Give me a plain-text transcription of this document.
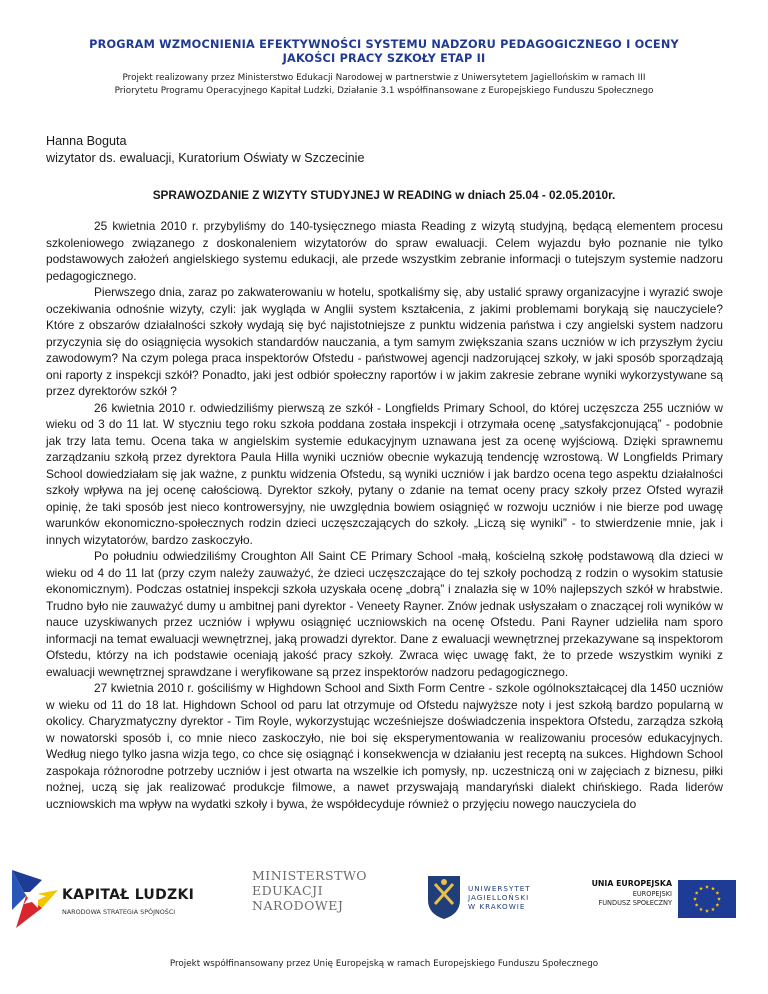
PROGRAM WZMOCNIENIA EFEKTYWNOŚCI SYSTEMU NADZORU PEDAGOGICZNEGO I OCENY
JAKOŚCI PRACY SZKOŁY ETAP II
Projekt realizowany przez Ministerstwo Edukacji Narodowej w partnerstwie z Uniwersytetem Jagiellońskim w ramach III
Priorytetu Programu Operacyjnego Kapitał Ludzki, Działanie 3.1 współfinansowane z Europejskiego Funduszu Społecznego
Hanna Boguta
wizytator ds. ewaluacji, Kuratorium Oświaty w Szczecinie
SPRAWOZDANIE Z WIZYTY STUDYJNEJ W READING w dniach 25.04 - 02.05.2010r.

25 kwietnia 2010 r. przybyliśmy do 140-tysięcznego miasta Reading z wizytą studyjną, będącą elementem procesu szkoleniowego związanego z doskonaleniem wizytatorów do spraw ewaluacji. Celem wyjazdu było poznanie nie tylko podstawowych założeń angielskiego systemu edukacji, ale przede wszystkim zebranie informacji o tutejszym systemie nadzoru pedagogicznego.

Pierwszego dnia, zaraz po zakwaterowaniu w hotelu, spotkaliśmy się, aby ustalić sprawy organizacyjne i wyrazić swoje oczekiwania odnośnie wizyty, czyli: jak wygląda w Anglii system kształcenia, z jakimi problemami borykają się nauczyciele? Które z obszarów działalności szkoły wydają się być najistotniejsze z punktu widzenia państwa i czy angielski system nadzoru przyczynia się do osiągnięcia wysokich standardów nauczania, a tym samym zwiększania szans uczniów w ich przyszłym życiu zawodowym? Na czym polega praca inspektorów Ofstedu - państwowej agencji nadzorującej szkoły, w jaki sposób sporządzają oni raporty z inspekcji szkół? Ponadto, jaki jest odbiór społeczny raportów i w jakim zakresie zebrane wyniki wykorzystywane są przez dyrektorów szkół ?

26 kwietnia 2010 r. odwiedziliśmy pierwszą ze szkół - Longfields Primary School, do której uczęszcza 255 uczniów w wieku od 3 do 11 lat. W styczniu tego roku szkoła poddana została inspekcji i otrzymała ocenę „satysfakcjonującą” - podobnie jak trzy lata temu. Ocena taka w angielskim systemie edukacyjnym uznawana jest za ocenę wyjściową. Dzięki sprawnemu zarządzaniu szkołą przez dyrektora Paula Hilla wyniki uczniów obecnie wykazują tendencję wzrostową. W Longfields Primary School dowiedziałam się jak ważne, z punktu widzenia Ofstedu, są wyniki uczniów i jak bardzo ocena tego aspektu działalności szkoły wpływa na jej ocenę całościową. Dyrektor szkoły, pytany o zdanie na temat oceny pracy szkoły przez Ofsted wyraził opinię, że taki sposób jest nieco kontrowersyjny, nie uwzględnia bowiem osiągnięć w rozwoju uczniów i nie bierze pod uwagę warunków ekonomiczno-społecznych rodzin dzieci uczęszczających do szkoły. „Liczą się wyniki” - to stwierdzenie mnie, jak i innych wizytatorów, bardzo zaskoczyło.

Po południu odwiedziliśmy Croughton All Saint CE Primary School -małą, kościelną szkołę podstawową dla dzieci w wieku od 4 do 11 lat (przy czym należy zauważyć, że dzieci uczęszczające do tej szkoły pochodzą z rodzin o wysokim statusie ekonomicznym). Podczas ostatniej inspekcji szkoła uzyskała ocenę „dobrą” i znalazła się w 10% najlepszych szkół w hrabstwie. Trudno było nie zauważyć dumy u ambitnej pani dyrektor - Veneety Rayner. Znów jednak usłyszałam o znaczącej roli wyników w nauce uzyskiwanych przez uczniów i wpływu osiągnięć uczniowskich na ocenę Ofstedu. Pani Rayner udzieliła nam sporo informacji na temat ewaluacji wewnętrznej, jaką prowadzi dyrektor. Dane z ewaluacji wewnętrznej przekazywane są inspektorom Ofstedu, którzy na ich podstawie oceniają jakość pracy szkoły. Zwraca więc uwagę fakt, że to przede wszystkim wyniki z ewaluacji wewnętrznej sprawdzane i weryfikowane są przez inspektorów nadzoru pedagogicznego.

27 kwietnia 2010 r. gościliśmy w Highdown School and Sixth Form Centre - szkole ogólnokształcącej dla 1450 uczniów w wieku od 11 do 18 lat. Highdown School od paru lat otrzymuje od Ofstedu najwyższe noty i jest szkołą bardzo popularną w okolicy. Charyzmatyczny dyrektor - Tim Royle, wykorzystując wcześniejsze doświadczenia inspektora Ofstedu, zarządza szkołą w nowatorski sposób i, co mnie nieco zaskoczyło, nie boi się eksperymentowania w realizowaniu procesów edukacyjnych. Według niego tylko jasna wizja tego, co chce się osiągnąć i konsekwencja w działaniu jest receptą na sukces. Highdown School zaspokaja różnorodne potrzeby uczniów i jest otwarta na wszelkie ich pomysły, np. uczestniczą oni w zajęciach z biznesu, piłki nożnej, uczą się jak realizować produkcje filmowe, a nawet przyswajają mandaryński dialekt chińskiego. Rada liderów uczniowskich ma wpływ na wydatki szkoły i bywa, że współdecyduje również o przyjęciu nowego nauczyciela do

KAPITAŁ LUDZKI
NARODOWA STRATEGIA SPÓJNOŚCI
MINISTERSTWO
EDUKACJI
NARODOWEJ
UNIWERSYTET
JAGIELLOŃSKI
W KRAKOWIE
UNIA EUROPEJSKA
EUROPEJSKI
FUNDUSZ SPOŁECZNY
Projekt współfinansowany przez Unię Europejską w ramach Europejskiego Funduszu Społecznego
